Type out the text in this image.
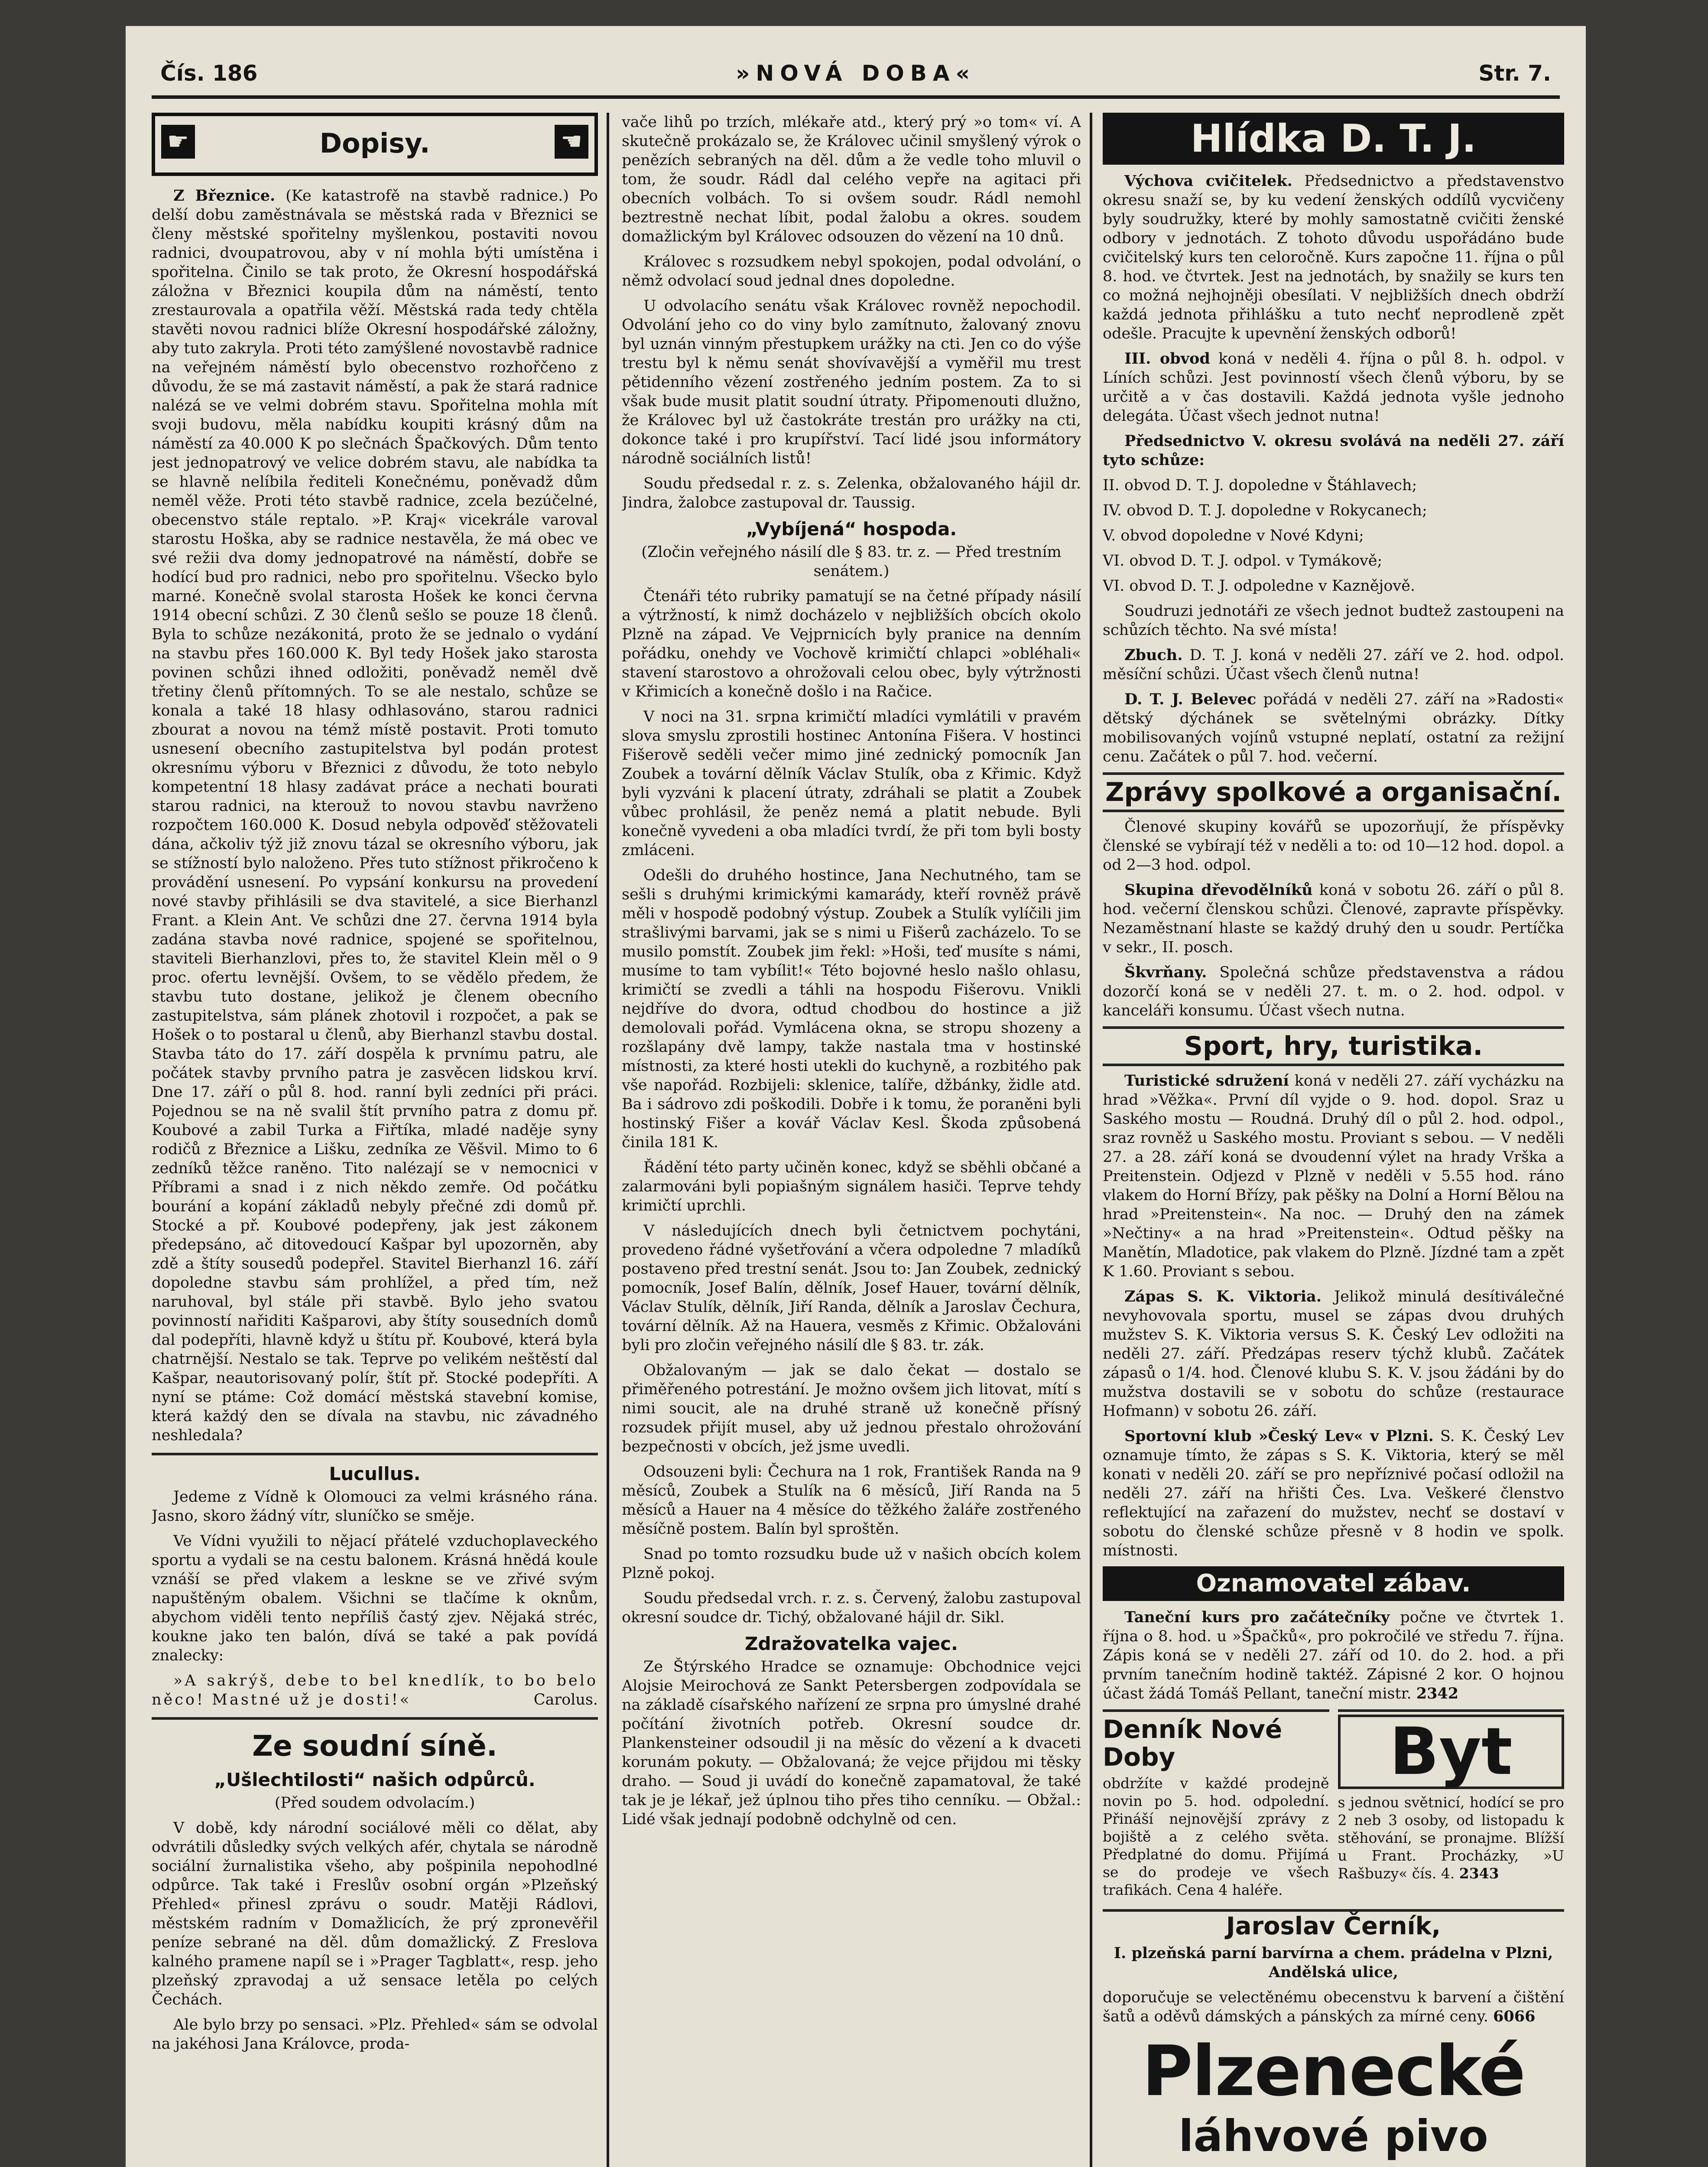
Čís. 186	»NOVÁ DOBA«	Str. 7.
☛	Dopisy.	☚

Z Březnice. (Ke katastrofě na stavbě radnice.) Po delší dobu zaměstnávala se městská rada v Březnici se členy městské spořitelny myšlenkou, postaviti novou radnici, dvoupatrovou, aby v ní mohla býti umístěna i spořitelna. Činilo se tak proto, že Okresní hospodářská záložna v Březnici koupila dům na náměstí, tento zrestaurovala a opatřila věží. Městská rada tedy chtěla stavěti novou radnici blíže Okresní hospodářské záložny, aby tuto zakryla. Proti této zamýšlené novostavbě radnice na veřejném náměstí bylo obecenstvo rozhořčeno z důvodu, že se má zastavit náměstí, a pak že stará radnice nalézá se ve velmi dobrém stavu. Spořitelna mohla mít svoji budovu, měla nabídku koupiti krásný dům na náměstí za 40.000 K po slečnách Špačkových. Dům tento jest jednopatrový ve velice dobrém stavu, ale nabídka ta se hlavně nelíbila řediteli Konečnému, poněvadž dům neměl věže. Proti této stavbě radnice, zcela bezúčelné, obecenstvo stále reptalo. »P. Kraj« vicekrále varoval starostu Hoška, aby se radnice nestavěla, že má obec ve své režii dva domy jednopatrové na náměstí, dobře se hodící bud pro radnici, nebo pro spořitelnu. Všecko bylo marné. Konečně svolal starosta Hošek ke konci června 1914 obecní schůzi. Z 30 členů sešlo se pouze 18 členů. Byla to schůze nezákonitá, proto že se jednalo o vydání na stavbu přes 160.000 K. Byl tedy Hošek jako starosta povinen schůzi ihned odložiti, poněvadž neměl dvě třetiny členů přítomných. To se ale nestalo, schůze se konala a také 18 hlasy odhlasováno, starou radnici zbourat a novou na témž místě postavit. Proti tomuto usnesení obecního zastupitelstva byl podán protest okresnímu výboru v Březnici z důvodu, že toto nebylo kompetentní 18 hlasy zadávat práce a nechati bourati starou radnici, na kterouž to novou stavbu navrženo rozpočtem 160.000 K. Dosud nebyla odpověď stěžovateli dána, ačkoliv týž již znovu tázal se okresního výboru, jak se stížností bylo naloženo. Přes tuto stížnost přikročeno k provádění usnesení. Po vypsání konkursu na provedení nové stavby přihlásili se dva stavitelé, a sice Bierhanzl Frant. a Klein Ant. Ve schůzi dne 27. června 1914 byla zadána stavba nové radnice, spojené se spořitelnou, staviteli Bierhanzlovi, přes to, že stavitel Klein měl o 9 proc. ofertu levnější. Ovšem, to se vědělo předem, že stavbu tuto dostane, jelikož je členem obecního zastupitelstva, sám plánek zhotovil i rozpočet, a pak se Hošek o to postaral u členů, aby Bierhanzl stavbu dostal. Stavba táto do 17. září dospěla k prvnímu patru, ale počátek stavby prvního patra je zasvěcen lidskou krví. Dne 17. září o půl 8. hod. ranní byli zedníci při práci. Pojednou se na ně svalil štít prvního patra z domu př. Koubové a zabil Turka a Fiřtíka, mladé naděje syny rodičů z Březnice a Lišku, zedníka ze Věšvil. Mimo to 6 zedníků těžce raněno. Tito nalézají se v nemocnici v Příbrami a snad i z nich někdo zemře. Od počátku bourání a kopání základů nebyly přečné zdi domů př. Stocké a př. Koubové podepřeny, jak jest zákonem předepsáno, ač ditovedoucí Kašpar byl upozorněn, aby zdě a štíty sousedů podepřel. Stavitel Bierhanzl 16. září dopoledne stavbu sám prohlížel, a před tím, než naruhoval, byl stále při stavbě. Bylo jeho svatou povinností nařiditi Kašparovi, aby štíty sousedních domů dal podepříti, hlavně když u štítu př. Koubové, která byla chatrnější. Nestalo se tak. Teprve po velikém neštěstí dal Kašpar, neautorisovaný polír, štít př. Stocké podepříti. A nyní se ptáme: Což domácí městská stavební komise, která každý den se dívala na stavbu, nic závadného neshledala?

Lucullus.

Jedeme z Vídně k Olomouci za velmi krásného rána. Jasno, skoro žádný vítr, sluníčko se směje.

Ve Vídni využili to nějací přátelé vzduchoplaveckého sportu a vydali se na cestu balonem. Krásná hnědá koule vznáší se před vlakem a leskne se ve zřivé svým napuštěným obalem. Všichni se tlačíme k oknům, abychom viděli tento nepříliš častý zjev. Nějaká stréc, koukne jako ten balón, dívá se také a pak povídá znalecky:

»A sakrýš, debe to bel knedlík, to bo belo něco! Mastné už je dosti!«	Carolus.

Ze soudní síně.
„Ušlechtilosti“ našich odpůrců.
(Před soudem odvolacím.)

V době, kdy národní sociálové měli co dělat, aby odvrátili důsledky svých velkých afér, chytala se národně sociální žurnalistika všeho, aby pošpinila nepohodlné odpůrce. Tak také i Freslův osobní orgán »Plzeňský Přehled« přinesl zprávu o soudr. Matěji Rádlovi, městském radním v Domažlicích, že prý zpronevěřil peníze sebrané na děl. dům domažlický. Z Freslova kalného pramene napíl se i »Prager Tagblatt«, resp. jeho plzeňský zpravodaj a už sensace letěla po celých Čechách.

Ale bylo brzy po sensaci. »Plz. Přehled« sám se odvolal na jakéhosi Jana Královce, proda-

vače lihů po trzích, mlékaře atd., který prý »o tom« ví. A skutečně prokázalo se, že Královec učinil smyšlený výrok o penězích sebraných na děl. dům a že vedle toho mluvil o tom, že soudr. Rádl dal celého vepře na agitaci při obecních volbách. To si ovšem soudr. Rádl nemohl beztrestně nechat líbit, podal žalobu a okres. soudem domažlickým byl Královec odsouzen do vězení na 10 dnů.

Královec s rozsudkem nebyl spokojen, podal odvolání, o němž odvolací soud jednal dnes dopoledne.

U odvolacího senátu však Královec rovněž nepochodil. Odvolání jeho co do viny bylo zamítnuto, žalovaný znovu byl uznán vinným přestupkem urážky na cti. Jen co do výše trestu byl k němu senát shovívavější a vyměřil mu trest pětidenního vězení zostřeného jedním postem. Za to si však bude musit platit soudní útraty. Připomenouti dlužno, že Královec byl už častokráte trestán pro urážky na cti, dokonce také i pro krupířství. Tací lidé jsou informátory národně sociálních listů!

Soudu předsedal r. z. s. Zelenka, obžalovaného hájil dr. Jindra, žalobce zastupoval dr. Taussig.

„Vybíjená“ hospoda.
(Zločin veřejného násilí dle § 83. tr. z. — Před trestním senátem.)

Čtenáři této rubriky pamatují se na četné případy násilí a výtržností, k nimž docházelo v nejbližších obcích okolo Plzně na západ. Ve Vejprnicích byly pranice na denním pořádku, onehdy ve Vochově krimičtí chlapci »obléhali« stavení starostovo a ohrožovali celou obec, byly výtržnosti v Křimicích a konečně došlo i na Račice.

V noci na 31. srpna krimičtí mladíci vymlátili v pravém slova smyslu zprostili hostinec Antonína Fišera. V hostinci Fišerově seděli večer mimo jiné zednický pomocník Jan Zoubek a tovární dělník Václav Stulík, oba z Křimic. Když byli vyzváni k placení útraty, zdráhali se platit a Zoubek vůbec prohlásil, že peněz nemá a platit nebude. Byli konečně vyvedeni a oba mladíci tvrdí, že při tom byli bosty zmláceni.

Odešli do druhého hostince, Jana Nechutného, tam se sešli s druhými krimickými kamarády, kteří rovněž právě měli v hospodě podobný výstup. Zoubek a Stulík vylíčili jim strašlivými barvami, jak se s nimi u Fišerů zacházelo. To se musilo pomstít. Zoubek jim řekl: »Hoši, teď musíte s námi, musíme to tam vybílit!« Této bojovné heslo našlo ohlasu, krimičtí se zvedli a táhli na hospodu Fišerovu. Vnikli nejdříve do dvora, odtud chodbou do hostince a již demolovali pořád. Vymlácena okna, se stropu shozeny a rozšlapány dvě lampy, takže nastala tma v hostinské místnosti, za které hosti utekli do kuchyně, a rozbitého pak vše napořád. Rozbijeli: sklenice, talíře, džbánky, židle atd. Ba i sádrovo zdi poškodili. Dobře i k tomu, že poraněni byli hostinský Fišer a kovář Václav Kesl. Škoda způsobená činila 181 K.

Řádění této party učiněn konec, když se sběhli občané a zalarmováni byli popiašným signálem hasiči. Teprve tehdy krimičtí uprchli.

V následujících dnech byli četnictvem pochytáni, provedeno řádné vyšetřování a včera odpoledne 7 mladíků postaveno před trestní senát. Jsou to: Jan Zoubek, zednický pomocník, Josef Balín, dělník, Josef Hauer, tovární dělník, Václav Stulík, dělník, Jiří Randa, dělník a Jaroslav Čechura, tovární dělník. Až na Hauera, vesměs z Křimic. Obžalováni byli pro zločin veřejného násilí dle § 83. tr. zák.

Obžalovaným — jak se dalo čekat — dostalo se přiměřeného potrestání. Je možno ovšem jich litovat, mítí s nimi soucit, ale na druhé straně už konečně přísný rozsudek přijít musel, aby už jednou přestalo ohrožování bezpečnosti v obcích, jež jsme uvedli.

Odsouzeni byli: Čechura na 1 rok, František Randa na 9 měsíců, Zoubek a Stulík na 6 měsíců, Jiří Randa na 5 měsíců a Hauer na 4 měsíce do těžkého žaláře zostřeného měsíčně postem. Balín byl sproštěn.

Snad po tomto rozsudku bude už v našich obcích kolem Plzně pokoj.

Soudu předsedal vrch. r. z. s. Červený, žalobu zastupoval okresní soudce dr. Tichý, obžalované hájil dr. Sikl.

Zdražovatelka vajec.

Ze Štýrského Hradce se oznamuje: Obchodnice vejci Alojsie Meirochová ze Sankt Petersbergen zodpovídala se na základě císařského nařízení ze srpna pro úmyslné drahé počítání životních potřeb. Okresní soudce dr. Plankensteiner odsoudil ji na měsíc do vězení a k dvaceti korunám pokuty. — Obžalovaná; že vejce přijdou mi těsky draho. — Soud ji uvádí do konečně zapamatoval, že také tak je je lékař, jež úplnou tiho přes tiho cenníku. — Obžal.: Lidé však jednají podobně odchylně od cen.

Hlídka D. T. J.

Výchova cvičitelek. Předsednictvo a představenstvo okresu snaží se, by ku vedení ženských oddílů vycvičeny byly soudružky, které by mohly samostatně cvičiti ženské odbory v jednotách. Z tohoto důvodu uspořádáno bude cvičitelský kurs ten celoročně. Kurs započne 11. října o půl 8. hod. ve čtvrtek. Jest na jednotách, by snažily se kurs ten co možná nejhojněji obesílati. V nejbližších dnech obdrží každá jednota přihlášku a tuto nechť neprodleně zpět odešle. Pracujte k upevnění ženských odborů!

III. obvod koná v neděli 4. října o půl 8. h. odpol. v Líních schůzi. Jest povinností všech členů výboru, by se určitě a v čas dostavili. Každá jednota vyšle jednoho delegáta. Účast všech jednot nutna!

Předsednictvo V. okresu svolává na neděli 27. září tyto schůze:

II. obvod D. T. J. dopoledne v Štáhlavech;

IV. obvod D. T. J. dopoledne v Rokycanech;

V. obvod dopoledne v Nové Kdyni;

VI. obvod D. T. J. odpol. v Tymákově;

VI. obvod D. T. J. odpoledne v Kaznějově.

Soudruzi jednotáři ze všech jednot budtež zastoupeni na schůzích těchto. Na své místa!

Zbuch. D. T. J. koná v neděli 27. září ve 2. hod. odpol. měsíční schůzi. Účast všech členů nutna!

D. T. J. Belevec pořádá v neděli 27. září na »Radosti« dětský dýchánek se světelnými obrázky. Dítky mobilisovaných vojínů vstupné neplatí, ostatní za režijní cenu. Začátek o půl 7. hod. večerní.

Zprávy spolkové a organisační.

Členové skupiny kovářů se upozorňují, že příspěvky členské se vybírají též v neděli a to: od 10—12 hod. dopol. a od 2—3 hod. odpol.

Skupina dřevodělníků koná v sobotu 26. září o půl 8. hod. večerní členskou schůzi. Členové, zapravte příspěvky. Nezaměstnaní hlaste se každý druhý den u soudr. Pertíčka v sekr., II. posch.

Škvrňany. Společná schůze představenstva a rádou dozorčí koná se v neděli 27. t. m. o 2. hod. odpol. v kanceláři konsumu. Účast všech nutna.

Sport, hry, turistika.

Turistické sdružení koná v neděli 27. září vycházku na hrad »Věžka«. První díl vyjde o 9. hod. dopol. Sraz u Saského mostu — Roudná. Druhý díl o půl 2. hod. odpol., sraz rovněž u Saského mostu. Proviant s sebou. — V neděli 27. a 28. září koná se dvoudenní výlet na hrady Vrška a Preitenstein. Odjezd v Plzně v neděli v 5.55 hod. ráno vlakem do Horní Břízy, pak pěšky na Dolní a Horní Bělou na hrad »Preitenstein«. Na noc. — Druhý den na zámek »Nečtiny« a na hrad »Preitenstein«. Odtud pěšky na Manětín, Mladotice, pak vlakem do Plzně. Jízdné tam a zpět K 1.60. Proviant s sebou.

Zápas S. K. Viktoria. Jelikož minulá desítiválečné nevyhovovala sportu, musel se zápas dvou druhých mužstev S. K. Viktoria versus S. K. Český Lev odložiti na neděli 27. září. Předzápas reserv týchž klubů. Začátek zápasů o 1/4. hod. Členové klubu S. K. V. jsou žádáni by do mužstva dostavili se v sobotu do schůze (restaurace Hofmann) v sobotu 26. září.

Sportovní klub »Český Lev« v Plzni. S. K. Český Lev oznamuje tímto, že zápas s S. K. Viktoria, který se měl konati v neděli 20. září se pro nepříznivé počasí odložil na neděli 27. září na hřišti Čes. Lva. Veškeré členstvo reflektující na zařazení do mužstev, nechť se dostaví v sobotu do členské schůze přesně v 8 hodin ve spolk. místnosti.

Oznamovatel zábav.

Taneční kurs pro začátečníky počne ve čtvrtek 1. října o 8. hod. u »Špačků«, pro pokročilé ve středu 7. října. Zápis koná se v neděli 27. září od 10. do 2. hod. a při prvním tanečním hodině taktéž. Zápisné 2 kor. O hojnou účast žádá Tomáš Pellant, taneční mistr. 2342

Denník Nové Doby

obdržíte v každé prodejně novin po 5. hod. odpolední. Přináší nejnovější zprávy z bojiště a z celého světa. Předplatné do domu. Přijímá se do prodeje ve všech trafikách. Cena 4 haléře.

Byt

s jednou světnicí, hodící se pro 2 neb 3 osoby, od listopadu k stěhování, se pronajme. Blížší u Frant. Procházky, »U Rašbuzy« čís. 4. 2343

Jaroslav Černík,

I. plzeňská parní barvírna a chem. prádelna v Plzni, Andělská ulice,

doporučuje se velectěnému obecenstvu k barvení a čištění šatů a oděvů dámských a pánských za mírné ceny. 6066

Plzenecké
láhvové pivo
